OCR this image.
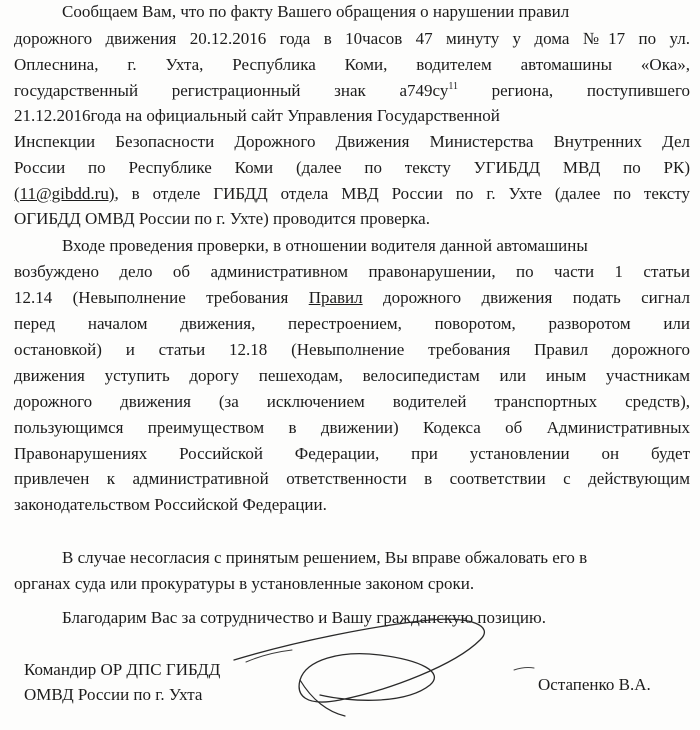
Сообщаем Вам, что по факту Вашего обращения о нарушении правил
дорожного движения 20.12.2016 года в 10часов 47 минуту у дома №17 по ул.
Оплеснина, г. Ухта, Республика Коми, водителем автомашины «Ока»,
государственный регистрационный знак $а749су^{11}$ региона, поступившего
21.12.2016года на официальный сайт Управления Государственной
Инспекции Безопасности Дорожного Движения Министерства Внутренних Дел
России по Республике Коми (далее по тексту УГИБДД МВД по РК)
(11@gibdd.ru), в отделе ГИБДД отдела МВД России по г. Ухте (далее по тексту
ОГИБДД ОМВД России по г. Ухте) проводится проверка.
Входе проведения проверки, в отношении водителя данной автомашины
возбуждено дело об административном правонарушении, по части 1 статьи
12.14 (Невыполнение требования Правил дорожного движения подать сигнал
перед началом движения, перестроением, поворотом, разворотом или
остановкой) и статьи 12.18 (Невыполнение требования Правил дорожного
движения уступить дорогу пешеходам, велосипедистам или иным участникам
дорожного движения (за исключением водителей транспортных средств),
пользующимся преимуществом в движении) Кодекса об Административных
Правонарушениях Российской Федерации, при установлении он будет
привлечен к административной ответственности в соответствии с действующим
законодательством Российской Федерации.
В случае несогласия с принятым решением, Вы вправе обжаловать его в
органах суда или прокуратуры в установленные законом сроки.
Благодарим Вас за сотрудничество и Вашу гражданскую позицию.
Командир ОР ДПС ГИБДД
ОМВД России по г. Ухта
Остапенко В.А.
